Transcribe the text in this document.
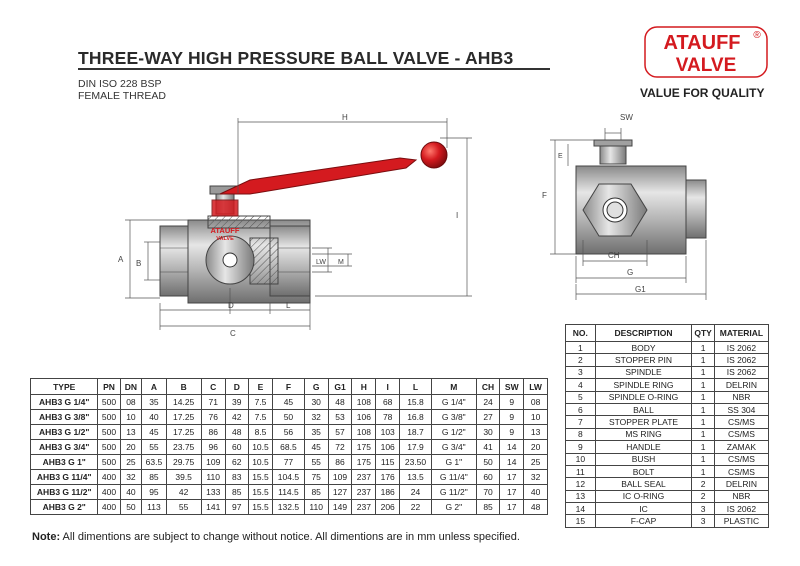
THREE-WAY HIGH PRESSURE BALL VALVE - AHB3
DIN ISO 228 BSP
FEMALE THREAD
ATAUFF ®
VALVE
VALUE FOR QUALITY
ATAUFF
VALVE
H
I
A B
D	L
C
LW M
SW
F
E
CH
G
G1
NO.	DESCRIPTION	QTY	MATERIAL
1	BODY	1	IS 2062
2	STOPPER PIN	1	IS 2062
3	SPINDLE	1	IS 2062
4	SPINDLE RING	1	DELRIN
5	SPINDLE O-RING	1	NBR
6	BALL	1	SS 304
7	STOPPER PLATE	1	CS/MS
8	MS RING	1	CS/MS
9	HANDLE	1	ZAMAK
10	BUSH	1	CS/MS
11	BOLT	1	CS/MS
12	BALL SEAL	2	DELRIN
13	IC O-RING	2	NBR
14	IC	3	IS 2062
15	F-CAP	3	PLASTIC
TYPE	PN	DN	A	B	C	D	E	F	G	G1	H	I	L	M	CH	SW	LW
AHB3 G 1/4"	500	08	35	14.25	71	39	7.5	45	30	48	108	68	15.8	G 1/4"	24	9	08
AHB3 G 3/8"	500	10	40	17.25	76	42	7.5	50	32	53	106	78	16.8	G 3/8"	27	9	10
AHB3 G 1/2"	500	13	45	17.25	86	48	8.5	56	35	57	108	103	18.7	G 1/2"	30	9	13
AHB3 G 3/4"	500	20	55	23.75	96	60	10.5	68.5	45	72	175	106	17.9	G 3/4"	41	14	20
AHB3 G 1"	500	25	63.5	29.75	109	62	10.5	77	55	86	175	115	23.50	G 1"	50	14	25
AHB3 G 11/4"	400	32	85	39.5	110	83	15.5	104.5	75	109	237	176	13.5	G 11/4"	60	17	32
AHB3 G 11/2"	400	40	95	42	133	85	15.5	114.5	85	127	237	186	24	G 11/2"	70	17	40
AHB3 G 2"	400	50	113	55	141	97	15.5	132.5	110	149	237	206	22	G 2"	85	17	48
Note: All dimentions are subject to change without notice. All dimentions are in mm unless specified.
